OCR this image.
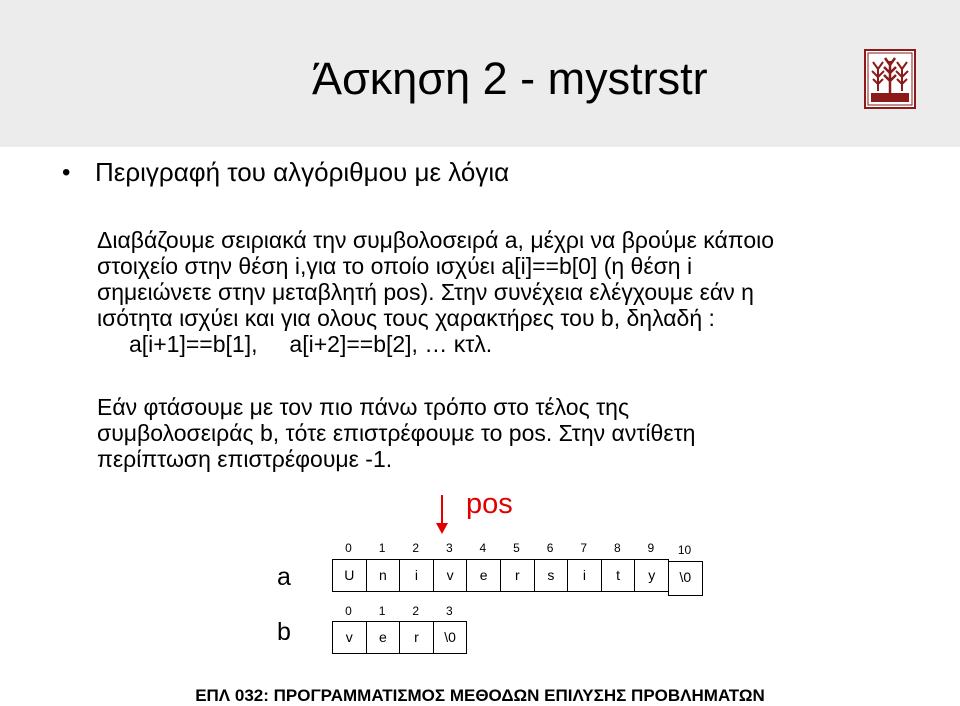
Άσκηση 2 - mystrstr
• Περιγραφή του αλγόριθμου με λόγια
Διαβάζουμε σειριακά την συμβολοσειρά a, μέχρι να βρούμε κάποιο
στοιχείο στην θέση i,για το οποίο ισχύει a[i]==b[0] (η θέση i
σημειώνετε στην μεταβλητή pos). Στην συνέχεια ελέγχουμε εάν η
ισότητα ισχύει και για ολους τους χαρακτήρες του b, δηλαδή :
a[i+1]==b[1],     a[i+2]==b[2], … κτλ.
Εάν φτάσουμε με τον πιο πάνω τρόπο στο τέλος της
συμβολοσειράς b, τότε επιστρέφουμε το pos. Στην αντίθετη
περίπτωση επιστρέφουμε -1.
pos
a
b
0	1	2	3	4	5	6	7	8	9	10
U	n	i	v	e	r	s	i	t	y	\0
0	1	2	3
v	e	r	\0
ΕΠΛ 032: ΠΡΟΓΡΑΜΜΑΤΙΣΜΟΣ ΜΕΘΟΔΩΝ ΕΠΙΛΥΣΗΣ ΠΡΟΒΛΗΜΑΤΩΝ
